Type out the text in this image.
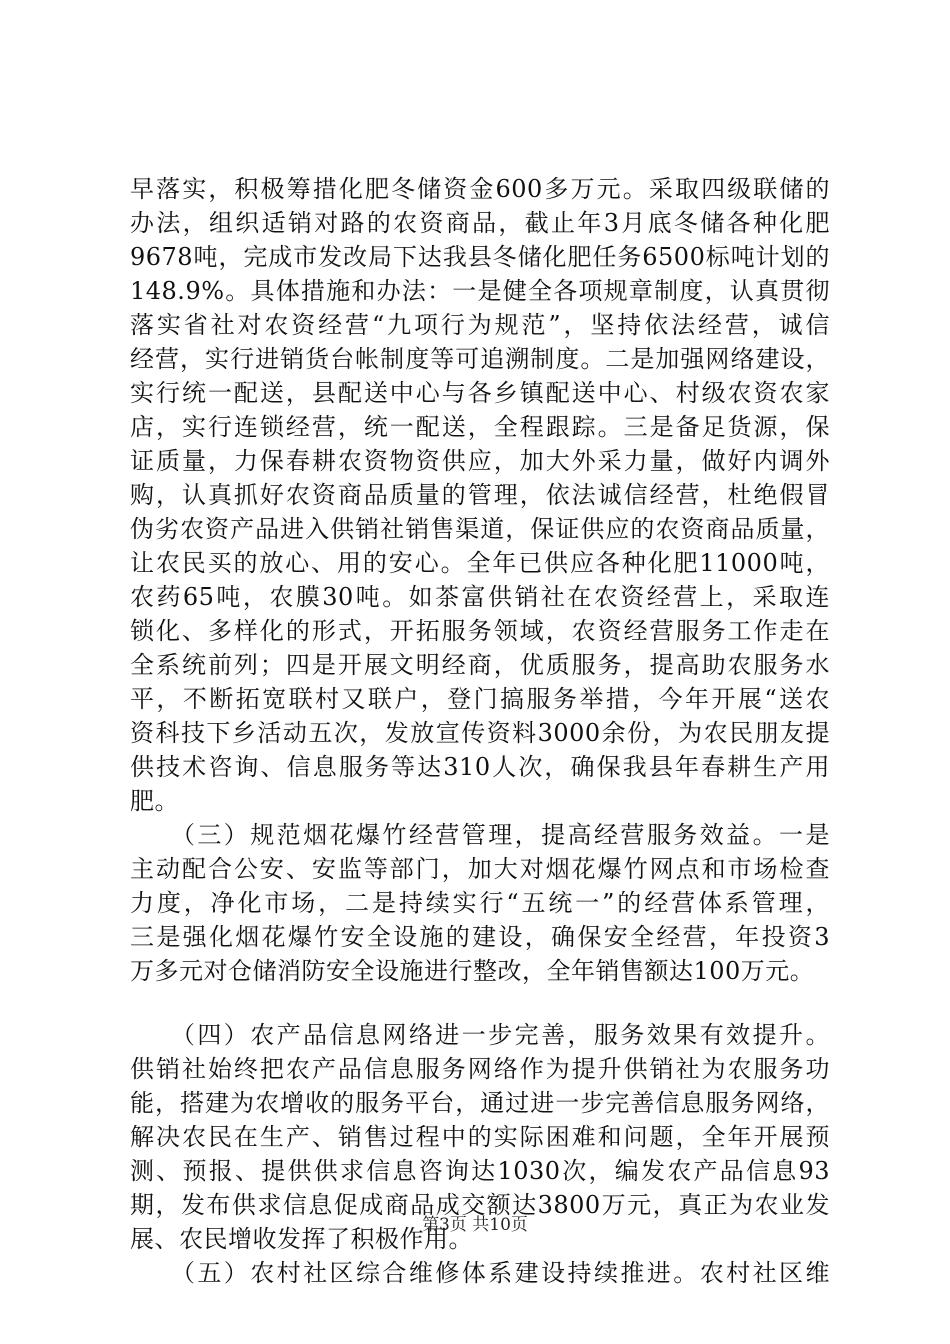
早落实，积极筹措化肥冬储资金600多万元。采取四级联储的
办法，组织适销对路的农资商品，截止年3月底冬储各种化肥
9678吨，完成市发改局下达我县冬储化肥任务6500标吨计划的
148.9%。具体措施和办法：一是健全各项规章制度，认真贯彻
落实省社对农资经营“九项行为规范”，坚持依法经营，诚信
经营，实行进销货台帐制度等可追溯制度。二是加强网络建设，
实行统一配送，县配送中心与各乡镇配送中心、村级农资农家
店，实行连锁经营，统一配送，全程跟踪。三是备足货源，保
证质量，力保春耕农资物资供应，加大外采力量，做好内调外
购，认真抓好农资商品质量的管理，依法诚信经营，杜绝假冒
伪劣农资产品进入供销社销售渠道，保证供应的农资商品质量，
让农民买的放心、用的安心。全年已供应各种化肥11000吨，
农药65吨，农膜30吨。如茶富供销社在农资经营上，采取连
锁化、多样化的形式，开拓服务领域，农资经营服务工作走在
全系统前列；四是开展文明经商，优质服务，提高助农服务水
平，不断拓宽联村又联户，登门搞服务举措，今年开展“送农
资科技下乡活动五次，发放宣传资料3000余份，为农民朋友提
供技术咨询、信息服务等达310人次，确保我县年春耕生产用
肥。
　　（三）规范烟花爆竹经营管理，提高经营服务效益。一是
主动配合公安、安监等部门，加大对烟花爆竹网点和市场检查
力度，净化市场，二是持续实行“五统一”的经营体系管理，
三是强化烟花爆竹安全设施的建设，确保安全经营，年投资3
万多元对仓储消防安全设施进行整改，全年销售额达100万元。
　　（四）农产品信息网络进一步完善，服务效果有效提升。
供销社始终把农产品信息服务网络作为提升供销社为农服务功
能，搭建为农增收的服务平台，通过进一步完善信息服务网络，
解决农民在生产、销售过程中的实际困难和问题，全年开展预
测、预报、提供供求信息咨询达1030次，编发农产品信息93
期，发布供求信息促成商品成交额达3800万元，真正为农业发
展、农民增收发挥了积极作用。
　　（五）农村社区综合维修体系建设持续推进。农村社区维
第3页 共10页
